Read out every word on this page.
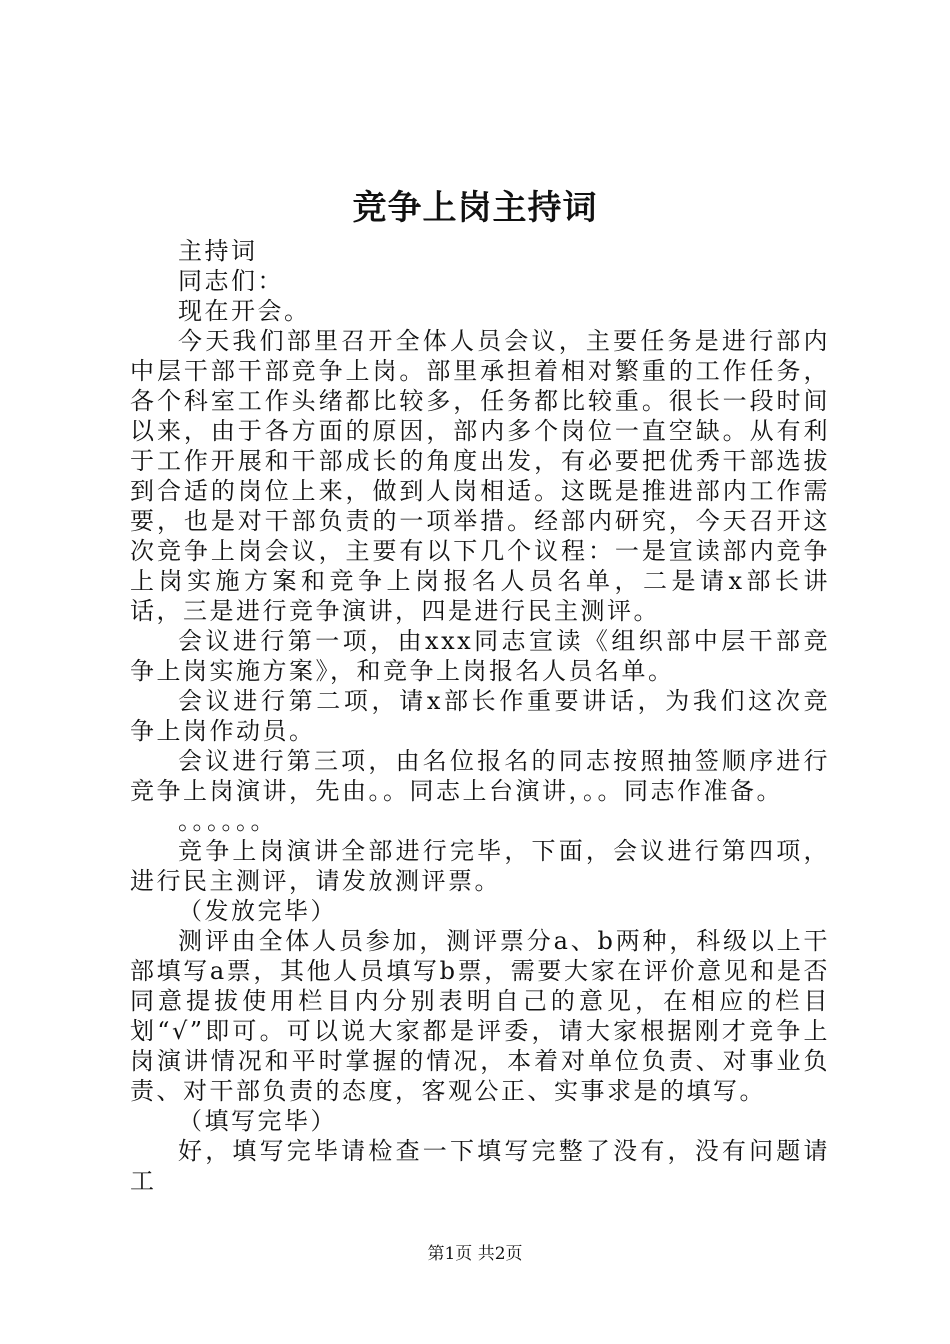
竞争上岗主持词

主持词

同志们：

现在开会。

今天我们部里召开全体人员会议，主要任务是进行部内中层干部干部竞争上岗。部里承担着相对繁重的工作任务，各个科室工作头绪都比较多，任务都比较重。很长一段时间以来，由于各方面的原因，部内多个岗位一直空缺。从有利于工作开展和干部成长的角度出发，有必要把优秀干部选拔到合适的岗位上来，做到人岗相适。这既是推进部内工作需要，也是对干部负责的一项举措。经部内研究，今天召开这次竞争上岗会议，主要有以下几个议程：一是宣读部内竞争上岗实施方案和竞争上岗报名人员名单，二是请x部长讲话，三是进行竞争演讲，四是进行民主测评。

会议进行第一项，由xxx同志宣读《组织部中层干部竞争上岗实施方案》，和竞争上岗报名人员名单。

会议进行第二项，请x部长作重要讲话，为我们这次竞争上岗作动员。

会议进行第三项，由名位报名的同志按照抽签顺序进行竞争上岗演讲，先由。。同志上台演讲，。。同志作准备。

。。。。。。

竞争上岗演讲全部进行完毕，下面，会议进行第四项，进行民主测评，请发放测评票。

（发放完毕）

测评由全体人员参加，测评票分a、b两种，科级以上干部填写a票，其他人员填写b票，需要大家在评价意见和是否同意提拔使用栏目内分别表明自己的意见，在相应的栏目划“√”即可。可以说大家都是评委，请大家根据刚才竞争上岗演讲情况和平时掌握的情况，本着对单位负责、对事业负责、对干部负责的态度，客观公正、实事求是的填写。

（填写完毕）

好，填写完毕请检查一下填写完整了没有，没有问题请工

第1页 共2页
